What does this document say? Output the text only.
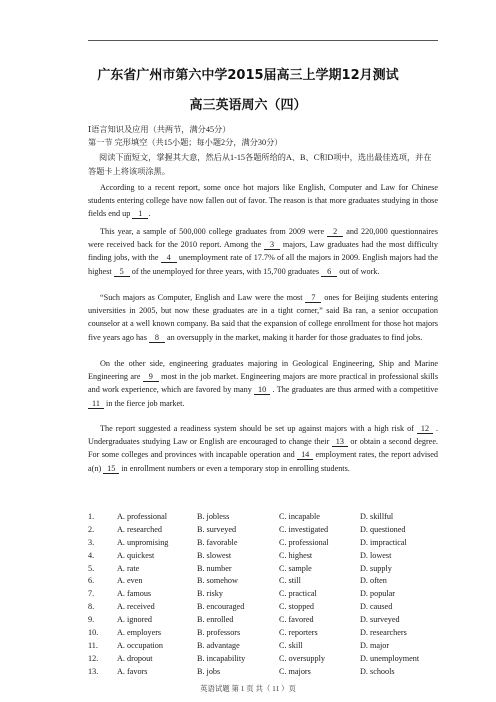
广东省广州市第六中学2015届高三上学期12月测试
高三英语周六（四）
Ⅰ语言知识及应用（共两节，满分45分）
第一节 完形填空（共15小题；每小题2分，满分30分）
阅读下面短文，掌握其大意，然后从1-15各题所给的A、B、C和D项中，选出最佳选项，并在
答题卡上将该项涂黑。
According to a recent report, some once hot majors like English, Computer and Law for Chinese students entering college have now fallen out of favor. The reason is that more graduates studying in those fields end up 1 .
This year, a sample of 500,000 college graduates from 2009 were 2 and 220,000 questionnaires were received back for the 2010 report. Among the 3 majors, Law graduates had the most difficulty finding jobs, with the 4 unemployment rate of 17.7% of all the majors in 2009. English majors had the highest 5 of the unemployed for three years, with 15,700 graduates 6 out of work.
“Such majors as Computer, English and Law were the most 7 ones for Beijing students entering universities in 2005, but now these graduates are in a tight corner,” said Ba ran, a senior occupation counselor at a well known company. Ba said that the expansion of college enrollment for those hot majors five years ago has 8 an oversupply in the market, making it harder for those graduates to find jobs.
On the other side, engineering graduates majoring in Geological Engineering, Ship and Marine Engineering are 9 most in the job market. Engineering majors are more practical in professional skills and work experience, which are favored by many 10 . The graduates are thus armed with a competitive 11 in the fierce job market.
The report suggested a readiness system should be set up against majors with a high risk of 12 . Undergraduates studying Law or English are encouraged to change their 13 or obtain a second degree. For some colleges and provinces with incapable operation and 14 employment rates, the report advised a(n) 15 in enrollment numbers or even a temporary stop in enrolling students.
1.	A. professional	B. jobless	C. incapable	D. skillful
2.	A. researched	B. surveyed	C. investigated	D. questioned
3.	A. unpromising	B. favorable	C. professional	D. impractical
4.	A. quickest	B. slowest	C. highest	D. lowest
5.	A. rate	B. number	C. sample	D. supply
6.	A. even	B. somehow	C. still	D. often
7.	A. famous	B. risky	C. practical	D. popular
8.	A. received	B. encouraged	C. stopped	D. caused
9.	A. ignored	B. enrolled	C. favored	D. surveyed
10. A. employers	B. professors	C. reporters	D. researchers
11. A. occupation	B. advantage	C. skill	D. major
12. A. dropout	B. incapability	C. oversupply	D. unemployment
13. A. favors	B. jobs	C. majors	D. schools
英语试题 第 1 页 共（ 11 ）页
